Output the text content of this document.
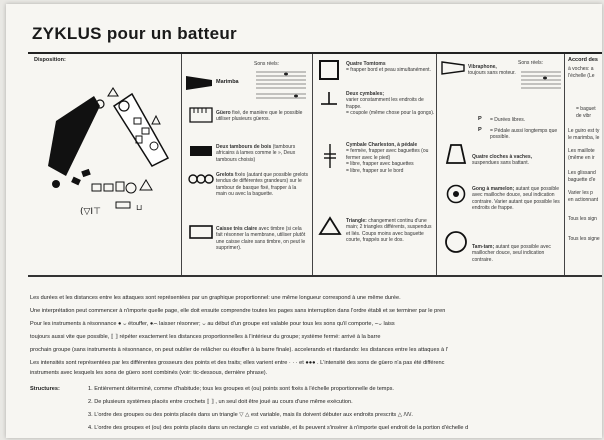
ZYKLUS pour un batteur
Disposition:
(▽I⊤	⊔
Marimba
Sons réels:
Güero fixé, de manière que le possible utiliser plusieurs güeros.
Deux tambours de bois (tambours africains à lames comme le », Deux tambours choisis)
Grelots fixés (autant que possible grelots tendus de différentes grandeurs) sur le tambour de basque fixé, frapper à la main ou avec la baguette.
Caisse très claire avec timbre (si cela fait résonner la membrane, utiliser plutôt une caisse claire sans timbre, on peut le supprimer).
Quatre Tomtoms
= frapper bord et peau simultanément.
Deux cymbales;
varier constamment les endroits de frappe.
= coupole (même chose pour la gongs).
Cymbale Charleston, à pédale
= fermée, frapper avec baguettes (ou fermer avec le pied)
= libre, frapper avec baguettes
= libre, frapper sur le bord
Triangle: changement continu d'une main; 2 triangles différents, suspendus et liés. Coups moins avec baguette courte, frappés sur le dos.
Vibraphone,
toujours sans moteur.
Sons réels:
P = Durées libres.
P = Pédale aussi longtemps que possible.
Quatre cloches à vaches,
suspendues sans battant.
Gong à mamelon; autant que possible avec mailloche douce, seul indication contraire. Varier autant que possible les endroits de frappe.
Tam-tam; autant que possible avec maillocher douce, seul indication contraire.
Accord des
à voches: a
l'échelle (Le
= baguet
de vibr
Le guiro est ty
le marimba, le
Les maillote
(même en ir
Les glissand
baguette d'e
Varier les p
en actionnant
Tous les sign
Tous les signe
Les durées et les distances entre les attaques sont représentées par un graphique proportionnel: une même longueur correspond à une même durée.
Une interprétation peut commencer à n'importe quelle page, elle doit ensuite comprendre toutes les pages sans interruption dans l'ordre établi et se terminer par le pren
Pour les instruments à résonnance ● ⌣ étouffer, ●⌒ laisser résonner; ⌣ au début d'un groupe est valable pour tous les sons qu'il comporte, ⌢⌣ laiss
toujours aussi vite que possible, ⟦ ⟧ répéter exactement les distances proportionnelles à l'intérieur du groupe; système fermé: arrivé à la barre
prochain groupe (sans instruments à résonnance, on peut oublier de relâcher ou étouffer à la barre finale). accelerando et ritardando: les distances entre les attaques à l'
Les intensités sont représentées par les différentes grosseurs des points et des traits; elles varient entre · · · et ●●● . L'intensité des sons de güero n'a pas été différenc
instruments avec lesquels les sons de güero sont combinés (voir: tic-dessous, dernière phrase).
Structures:	1. Entièrement déterminé, comme d'habitude; tous les groupes et (ou) points sont fixés à l'échelle proportionnelle de temps.
2. De plusieurs systèmes placés entre crochets ⟦ ⟧ , un seul doit être joué au cours d'une même exécution.
3. L'ordre des groupes ou des points placés dans un triangle ▽ △ est variable, mais ils doivent débuter aux endroits prescrits △ /\/\/.
4. L'ordre des groupes et (ou) des points placés dans un rectangle ▭ est variable, et ils peuvent s'insérer à n'importe quel endroit de la portion d'échelle d
